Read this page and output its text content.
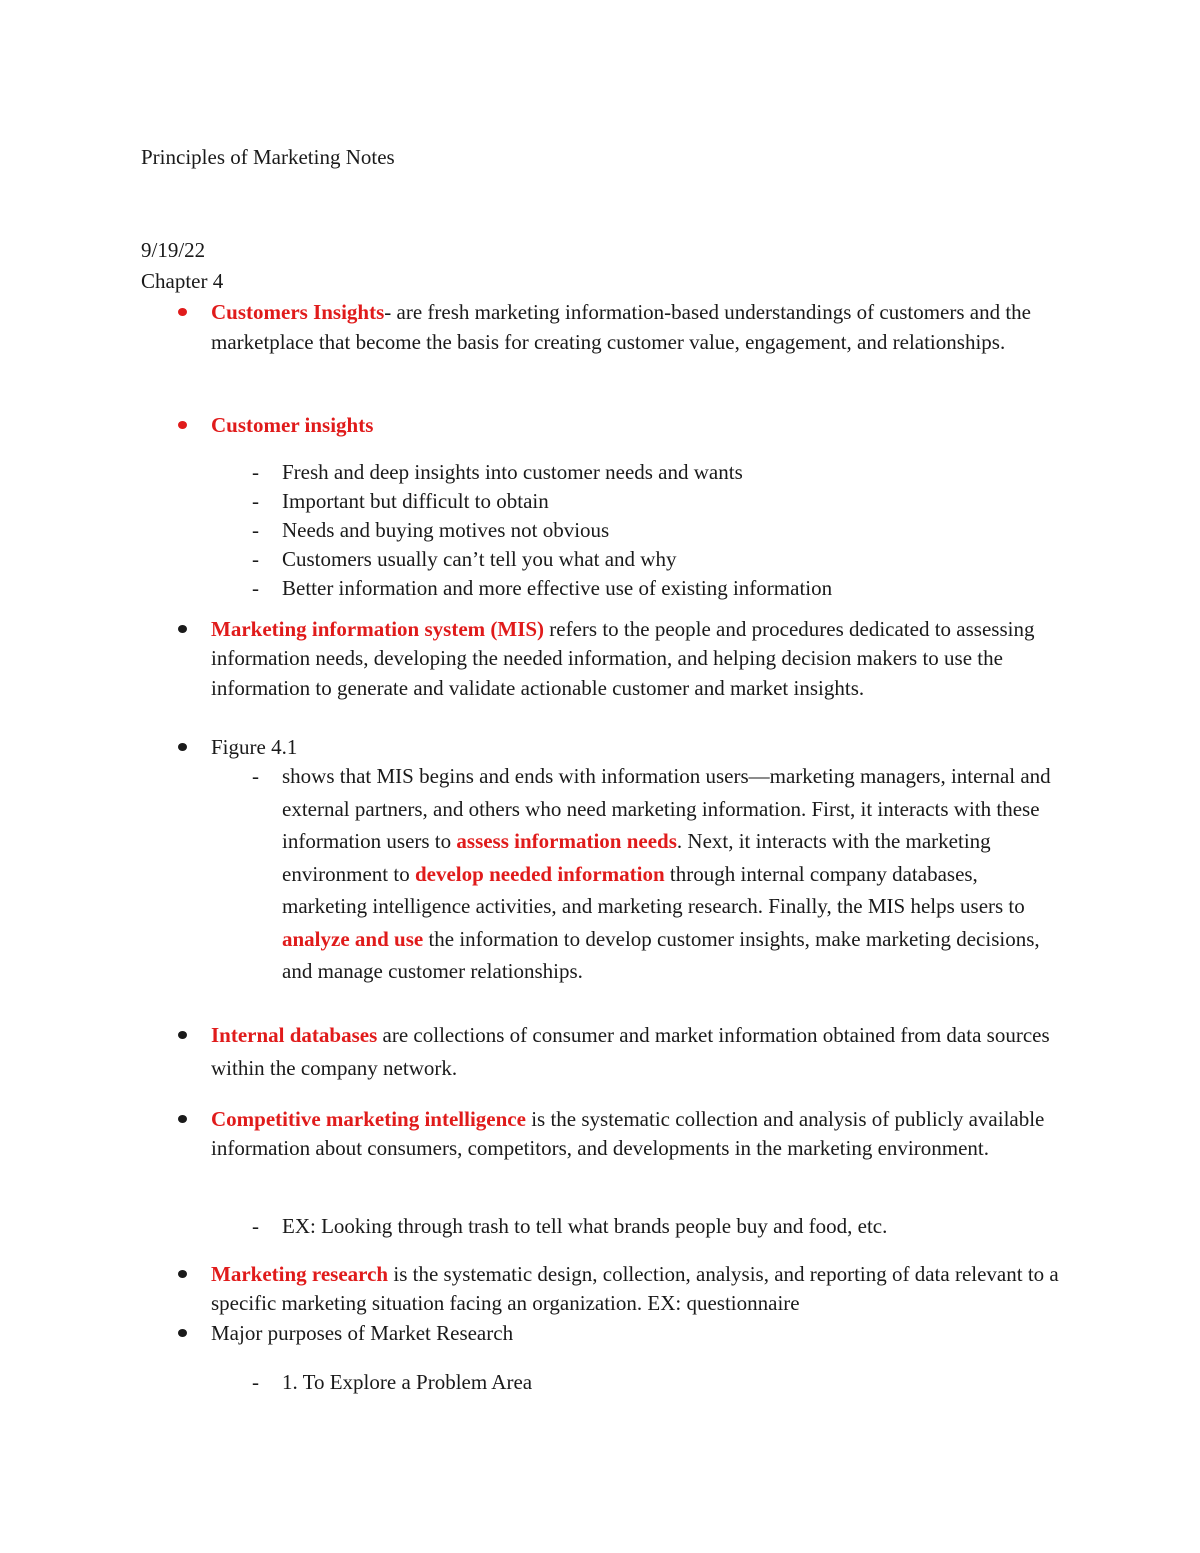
Principles of Marketing Notes
9/19/22
Chapter 4
Customers Insights- are fresh marketing information-based understandings of customers and the marketplace that become the basis for creating customer value, engagement, and relationships.
Customer insights
- Fresh and deep insights into customer needs and wants
- Important but difficult to obtain
- Needs and buying motives not obvious
- Customers usually can’t tell you what and why
- Better information and more effective use of existing information
Marketing information system (MIS) refers to the people and procedures dedicated to assessing information needs, developing the needed information, and helping decision makers to use the information to generate and validate actionable customer and market insights.
Figure 4.1
- shows that MIS begins and ends with information users—marketing managers, internal and external partners, and others who need marketing information. First, it interacts with these information users to assess information needs. Next, it interacts with the marketing environment to develop needed information through internal company databases, marketing intelligence activities, and marketing research. Finally, the MIS helps users to analyze and use the information to develop customer insights, make marketing decisions, and manage customer relationships.
Internal databases are collections of consumer and market information obtained from data sources within the company network.
Competitive marketing intelligence is the systematic collection and analysis of publicly available information about consumers, competitors, and developments in the marketing environment.
- EX: Looking through trash to tell what brands people buy and food, etc.
Marketing research is the systematic design, collection, analysis, and reporting of data relevant to a specific marketing situation facing an organization. EX: questionnaire
Major purposes of Market Research
- 1. To Explore a Problem Area
